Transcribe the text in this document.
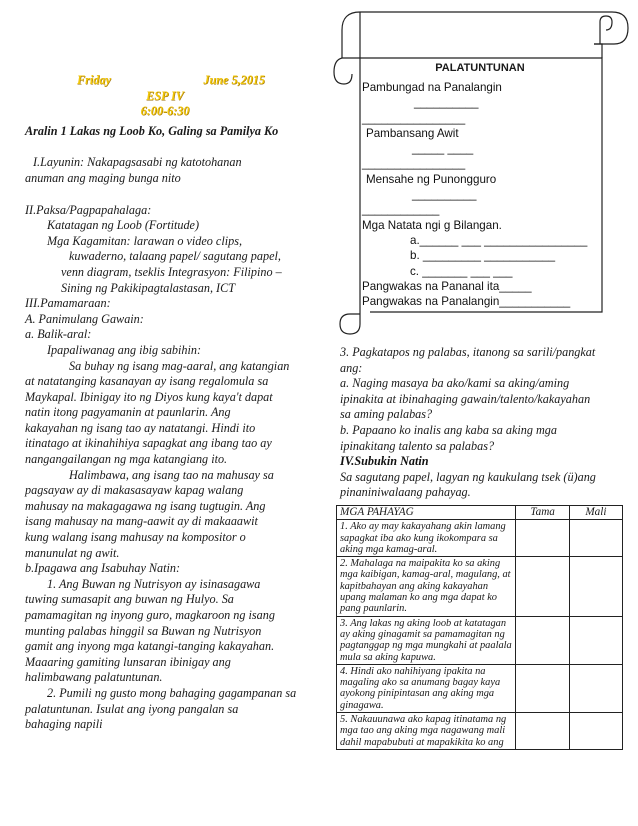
Friday	June 5,2015

ESP IV

6:00-6:30

Aralin 1 Lakas ng Loob Ko, Galing sa Pamilya Ko

I.Layunin: Nakapagsasabi ng katotohanan

anuman ang maging bunga nito

II.Paksa/Pagpapahalaga:

Katatagan ng Loob (Fortitude)

Mga Kagamitan: larawan o video clips,

kuwaderno, talaang papel/ sagutang papel,

venn diagram, tseklis Integrasyon: Filipino –

Sining ng Pakikipagtalastasan, ICT

III.Pamamaraan:

A. Panimulang Gawain:

a. Balik-aral:

Ipapaliwanag ang ibig sabihin:

Sa buhay ng isang mag-aaral, ang katangian

at natatanging kasanayan ay isang regalomula sa

Maykapal. Ibinigay ito ng Diyos kung kaya't dapat

natin itong pagyamanin at paunlarin. Ang

kakayahan ng isang tao ay natatangi. Hindi ito

itinatago at ikinahihiya sapagkat ang ibang tao ay

nangangailangan ng mga katangiang ito.

Halimbawa, ang isang tao na mahusay sa

pagsayaw ay di makasasayaw kapag walang

mahusay na makagagawa ng isang tugtugin. Ang

isang mahusay na mang-aawit ay di makaaawit

kung walang isang mahusay na kompositor o

manunulat ng awit.

b.Ipagawa ang Isabuhay Natin:

1. Ang Buwan ng Nutrisyon ay isinasagawa

tuwing sumasapit ang buwan ng Hulyo. Sa

pamamagitan ng inyong guro, magkaroon ng isang

munting palabas hinggil sa Buwan ng Nutrisyon

gamit ang inyong mga katangi-tanging kakayahan.

Maaaring gamiting lunsaran ibinigay ang

halimbawang palatuntunan.

2. Pumili ng gusto mong bahaging gagampanan sa

palatuntunan. Isulat ang iyong pangalan sa

bahaging napili

PALATUNTUNAN

Pambungad na Panalangin

__________

________________

Pambansang Awit

_____ ____

________________

Mensahe ng Punongguro

__________

____________

Mga Natata ngi g Bilangan.

a.______ ___ ________________

b. _________ ___________

c. _______ ___ ___

Pangwakas na Pananal ita_____

Pangwakas na Panalangin___________

3. Pagkatapos ng palabas, itanong sa sarili/pangkat

ang:

a. Naging masaya ba ako/kami sa aking/aming

ipinakita at ibinahaging gawain/talento/kakayahan

sa aming palabas?

b. Papaano ko inalis ang kaba sa aking mga

ipinakitang talento sa palabas?

IV.Subukin Natin

Sa sagutang papel, lagyan ng kaukulang tsek (ü)ang

pinaniniwalaang pahayag.

MGA PAHAYAG	Tama	Mali
1. Ako ay may kakayahang akin lamang sapagkat iba ako kung ikokompara sa aking mga kamag-aral.		
2. Mahalaga na maipakita ko sa aking mga kaibigan, kamag-aral, magulang, at kapitbahayan ang aking kakayahan upang malaman ko ang mga dapat ko pang paunlarin.		
3. Ang lakas ng aking loob at katatagan ay aking ginagamit sa pamamagitan ng pagtanggap ng mga mungkahi at paalala mula sa aking kapuwa.		
4. Hindi ako nahihiyang ipakita na magaling ako sa anumang bagay kaya ayokong pinipintasan ang aking mga ginagawa.		
5. Nakauunawa ako kapag itinatama ng mga tao ang aking mga nagawang mali dahil mapabubuti at mapakikita ko ang		
